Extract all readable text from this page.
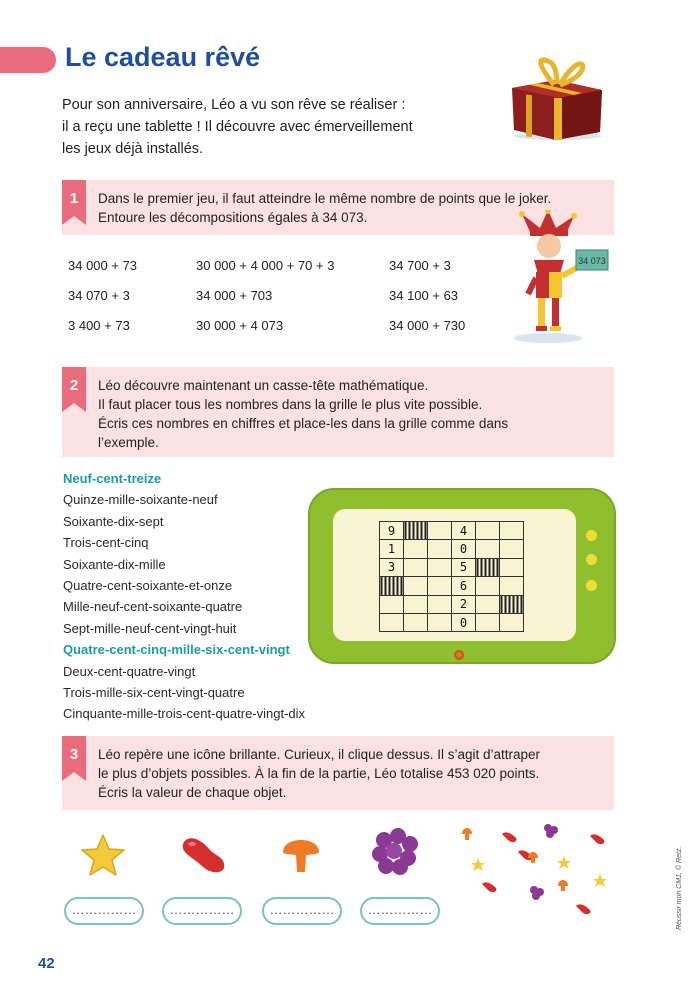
Le cadeau rêvé
Pour son anniversaire, Léo a vu son rêve se réaliser :
il a reçu une tablette ! Il découvre avec émerveillement
les jeux déjà installés.
1	Dans le premier jeu, il faut atteindre le même nombre de points que le joker.
Entoure les décompositions égales à 34 073.
34 000 + 73	30 000 + 4 000 + 70 + 3	34 700 + 3
34 070 + 3	34 000 + 703	34 100 + 63
3 400 + 73	30 000 + 4 073	34 000 + 730
34 073
2	Léo découvre maintenant un casse-tête mathématique.
Il faut placer tous les nombres dans la grille le plus vite possible.
Écris ces nombres en chiffres et place-les dans la grille comme dans
l’exemple.
Neuf-cent-treize
Quinze-mille-soixante-neuf
Soixante-dix-sept
Trois-cent-cinq
Soixante-dix-mille
Quatre-cent-soixante-et-onze
Mille-neuf-cent-soixante-quatre
Sept-mille-neuf-cent-vingt-huit
Quatre-cent-cinq-mille-six-cent-vingt
Deux-cent-quatre-vingt
Trois-mille-six-cent-vingt-quatre
Cinquante-mille-trois-cent-quatre-vingt-dix
9			4		
1			0		
3			5		
			6		
			2		
			0		
3	Léo repère une icône brillante. Curieux, il clique dessus. Il s’agit d’attraper
le plus d’objets possibles. À la fin de la partie, Léo totalise 453 020 points.
Écris la valeur de chaque objet.
……………	……………	……………	……………
42
Réussir mon CM1, © Retz.
